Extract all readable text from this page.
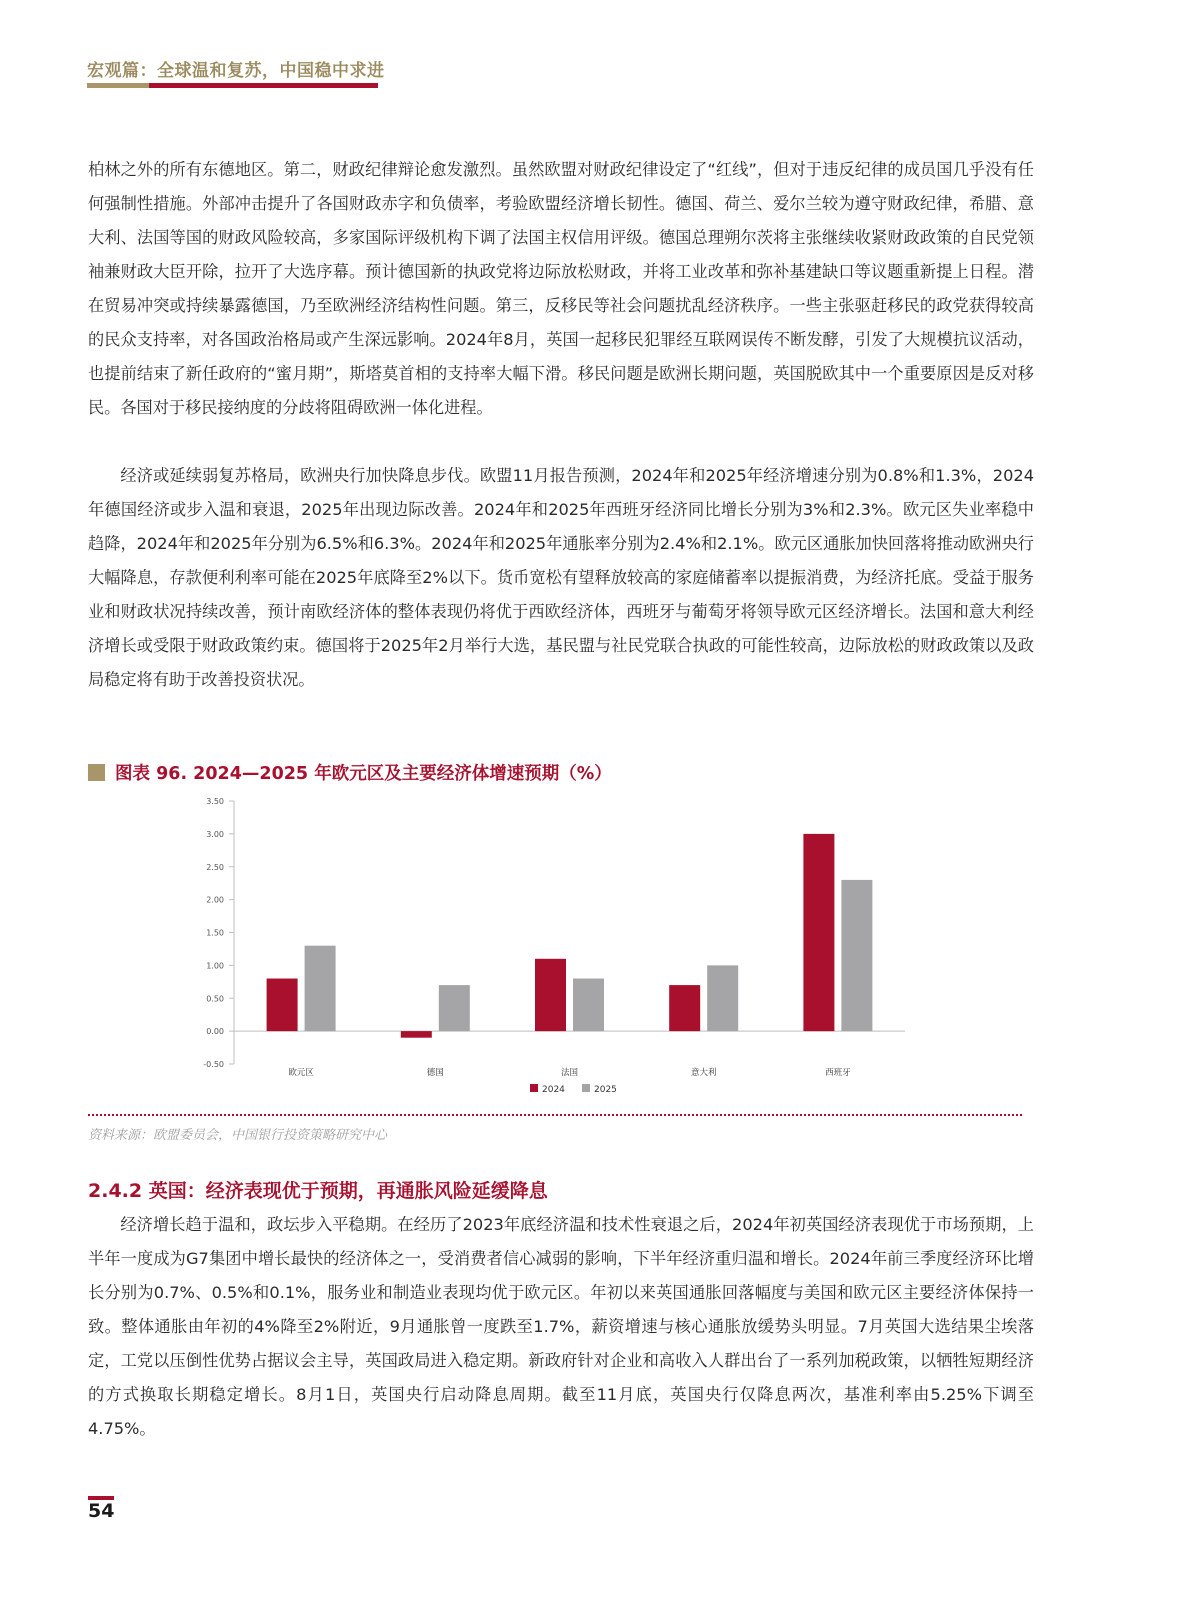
宏观篇：全球温和复苏，中国稳中求进

柏林之外的所有东德地区。第二，财政纪律辩论愈发激烈。虽然欧盟对财政纪律设定了“红线”，但对于违反纪律的成员国几乎没有任何强制性措施。外部冲击提升了各国财政赤字和负债率，考验欧盟经济增长韧性。德国、荷兰、爱尔兰较为遵守财政纪律，希腊、意大利、法国等国的财政风险较高，多家国际评级机构下调了法国主权信用评级。德国总理朔尔茨将主张继续收紧财政政策的自民党领袖兼财政大臣开除，拉开了大选序幕。预计德国新的执政党将边际放松财政，并将工业改革和弥补基建缺口等议题重新提上日程。潜在贸易冲突或持续暴露德国，乃至欧洲经济结构性问题。第三，反移民等社会问题扰乱经济秩序。一些主张驱赶移民的政党获得较高的民众支持率，对各国政治格局或产生深远影响。2024年8月，英国一起移民犯罪经互联网误传不断发酵，引发了大规模抗议活动，也提前结束了新任政府的“蜜月期”，斯塔莫首相的支持率大幅下滑。移民问题是欧洲长期问题，英国脱欧其中一个重要原因是反对移民。各国对于移民接纳度的分歧将阻碍欧洲一体化进程。

经济或延续弱复苏格局，欧洲央行加快降息步伐。欧盟11月报告预测，2024年和2025年经济增速分别为0.8%和1.3%，2024年德国经济或步入温和衰退，2025年出现边际改善。2024年和2025年西班牙经济同比增长分别为3%和2.3%。欧元区失业率稳中趋降，2024年和2025年分别为6.5%和6.3%。2024年和2025年通胀率分别为2.4%和2.1%。欧元区通胀加快回落将推动欧洲央行大幅降息，存款便利利率可能在2025年底降至2%以下。货币宽松有望释放较高的家庭储蓄率以提振消费，为经济托底。受益于服务业和财政状况持续改善，预计南欧经济体的整体表现仍将优于西欧经济体，西班牙与葡萄牙将领导欧元区经济增长。法国和意大利经济增长或受限于财政政策约束。德国将于2025年2月举行大选，基民盟与社民党联合执政的可能性较高，边际放松的财政政策以及政局稳定将有助于改善投资状况。

图表 96. 2024—2025 年欧元区及主要经济体增速预期（%）
-0.50
0.00
0.50
1.00
1.50
2.00
2.50
3.00
3.50
欧元区	德国	法国	意大利	西班牙
2024	2025
资料来源：欧盟委员会，中国银行投资策略研究中心
2.4.2 英国：经济表现优于预期，再通胀风险延缓降息

经济增长趋于温和，政坛步入平稳期。在经历了2023年底经济温和技术性衰退之后，2024年初英国经济表现优于市场预期，上半年一度成为G7集团中增长最快的经济体之一，受消费者信心减弱的影响，下半年经济重归温和增长。2024年前三季度经济环比增长分别为0.7%、0.5%和0.1%，服务业和制造业表现均优于欧元区。年初以来英国通胀回落幅度与美国和欧元区主要经济体保持一致。整体通胀由年初的4%降至2%附近，9月通胀曾一度跌至1.7%，薪资增速与核心通胀放缓势头明显。7月英国大选结果尘埃落定，工党以压倒性优势占据议会主导，英国政局进入稳定期。新政府针对企业和高收入人群出台了一系列加税政策，以牺牲短期经济的方式换取长期稳定增长。8月1日，英国央行启动降息周期。截至11月底，英国央行仅降息两次，基准利率由5.25%下调至4.75%。

54
